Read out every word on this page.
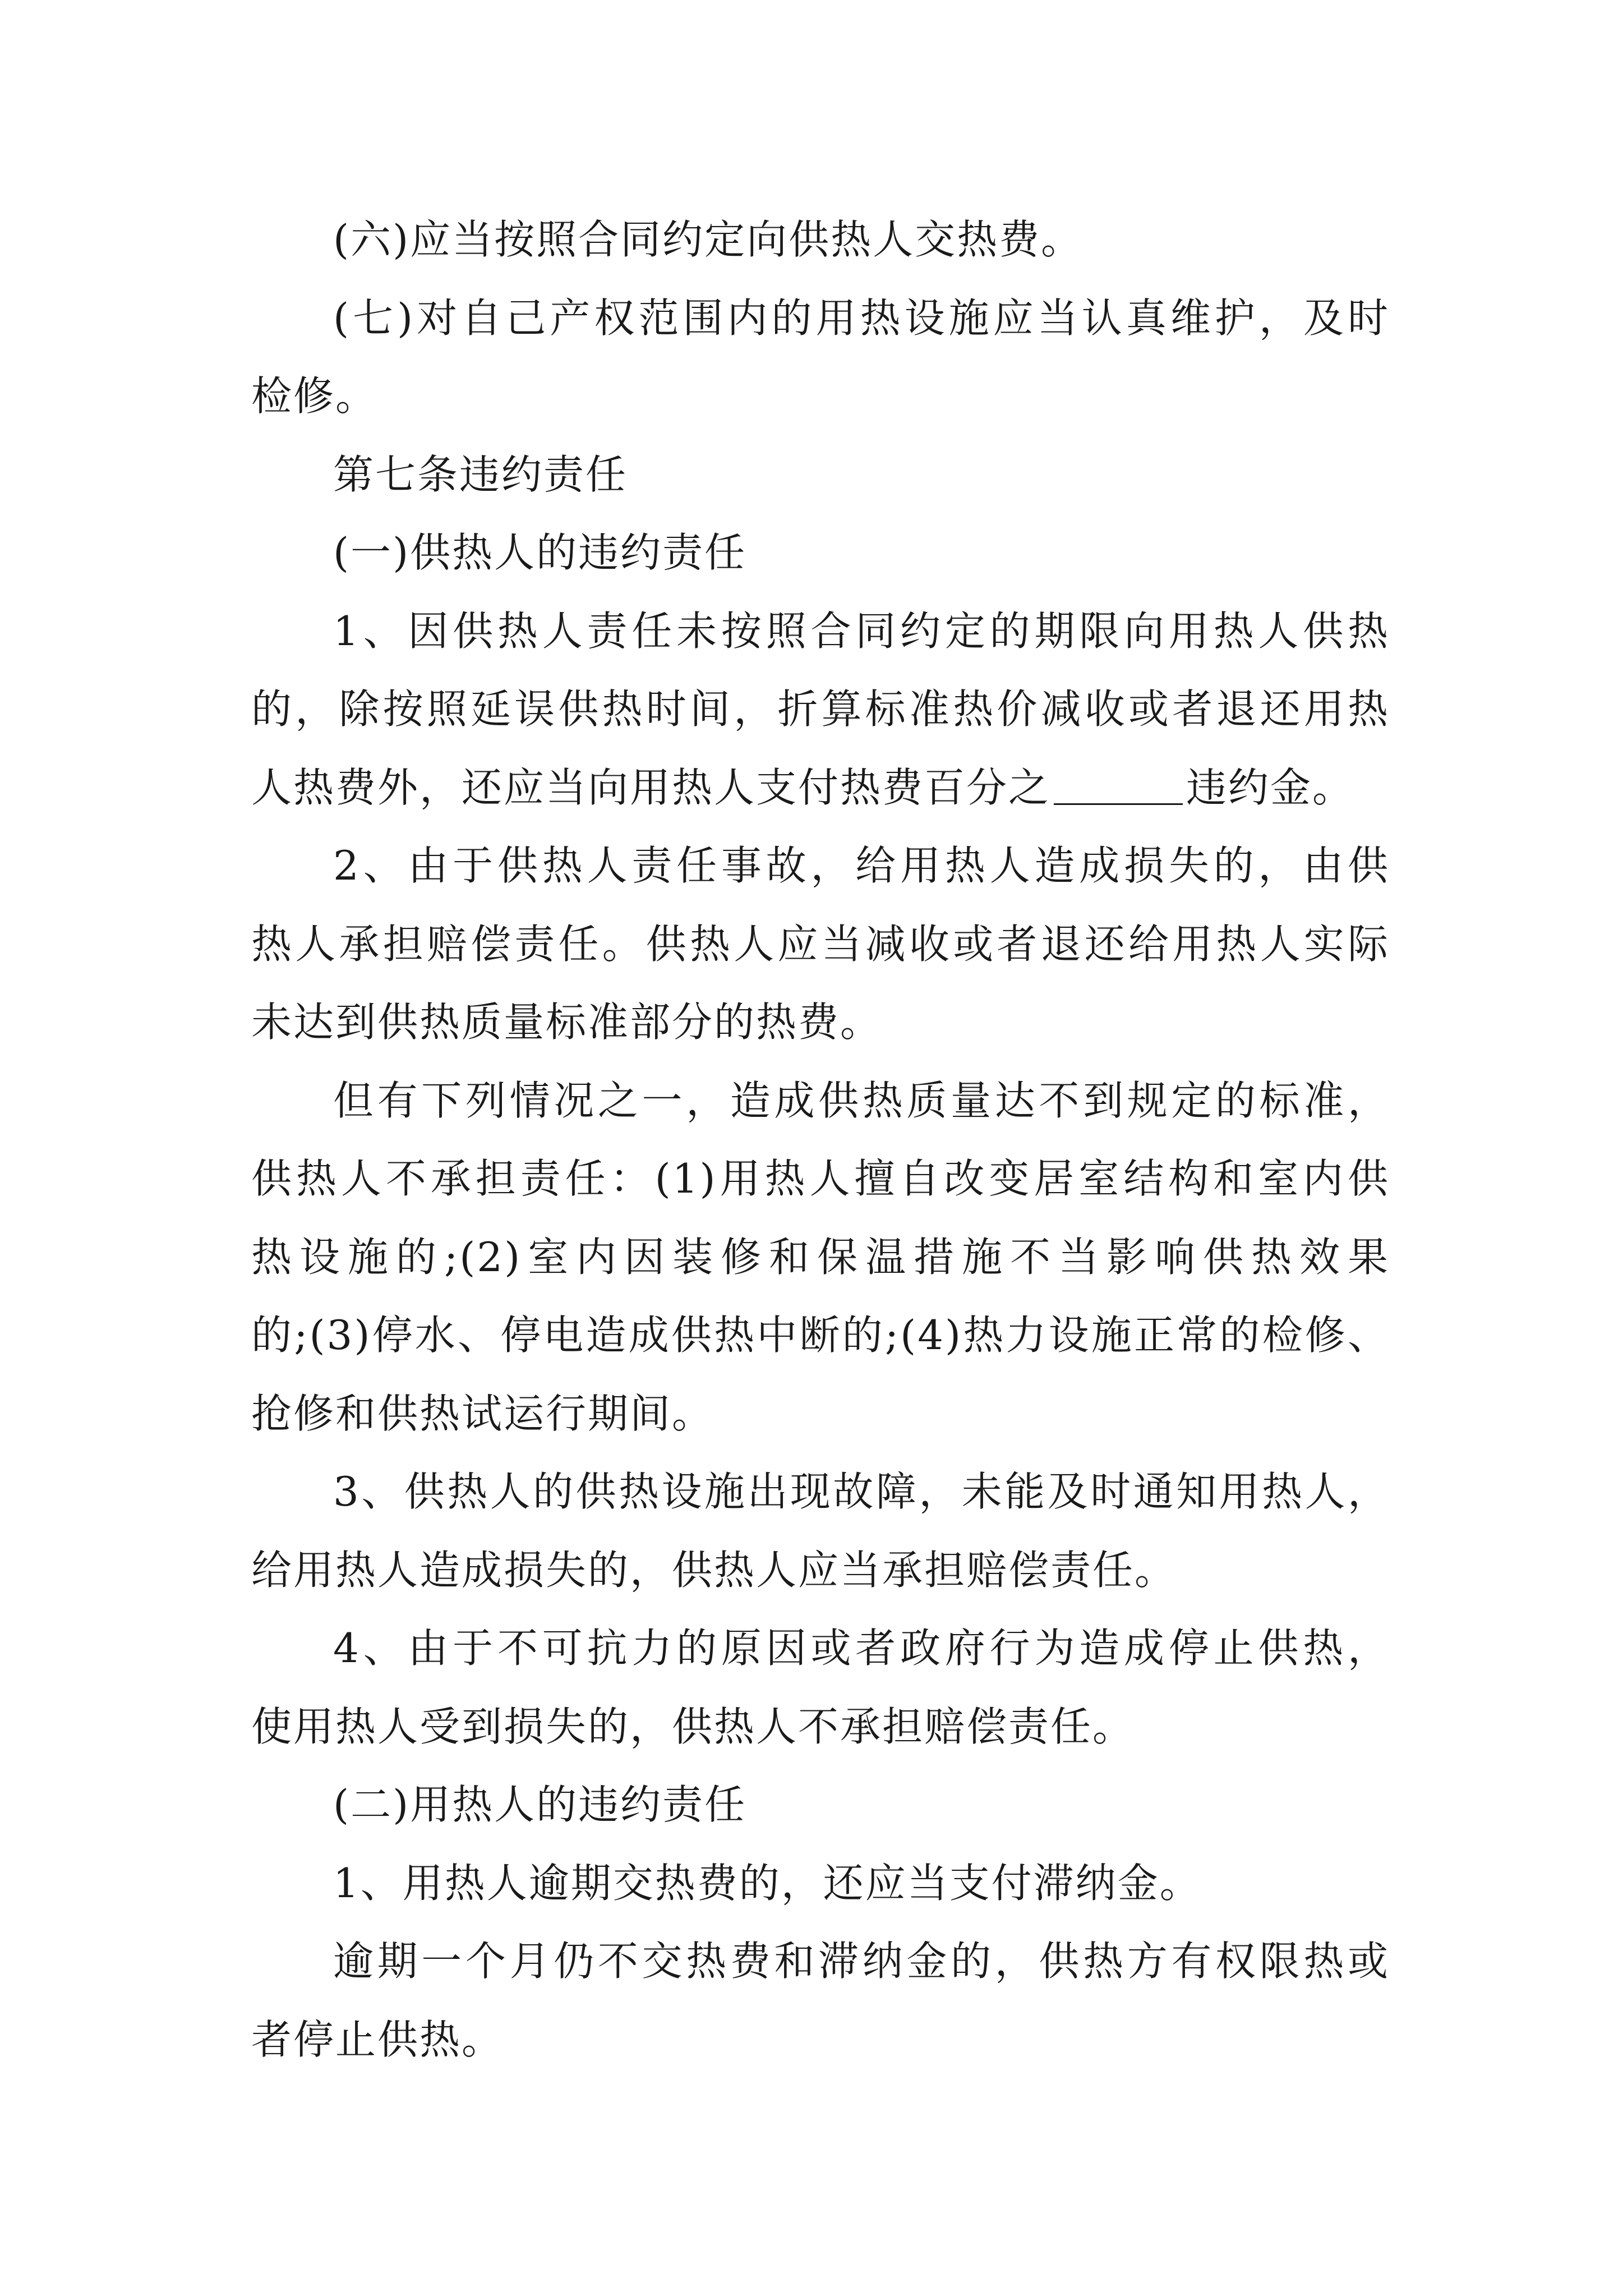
(六)应当按照合同约定向供热人交热费。
(七)对自己产权范围内的用热设施应当认真维护，及时
检修。
第七条违约责任
(一)供热人的违约责任
1、因供热人责任未按照合同约定的期限向用热人供热
的，除按照延误供热时间，折算标准热价减收或者退还用热
人热费外，还应当向用热人支付热费百分之	违约金。
2、由于供热人责任事故，给用热人造成损失的，由供
热人承担赔偿责任。供热人应当减收或者退还给用热人实际
未达到供热质量标准部分的热费。
但有下列情况之一，造成供热质量达不到规定的标准，
供热人不承担责任：(1)用热人擅自改变居室结构和室内供
热设施的;(2)室内因装修和保温措施不当影响供热效果
的;(3)停水、停电造成供热中断的;(4)热力设施正常的检修、
抢修和供热试运行期间。
3、供热人的供热设施出现故障，未能及时通知用热人，
给用热人造成损失的，供热人应当承担赔偿责任。
4、由于不可抗力的原因或者政府行为造成停止供热，
使用热人受到损失的，供热人不承担赔偿责任。
(二)用热人的违约责任
1、用热人逾期交热费的，还应当支付滞纳金。
逾期一个月仍不交热费和滞纳金的，供热方有权限热或
者停止供热。
